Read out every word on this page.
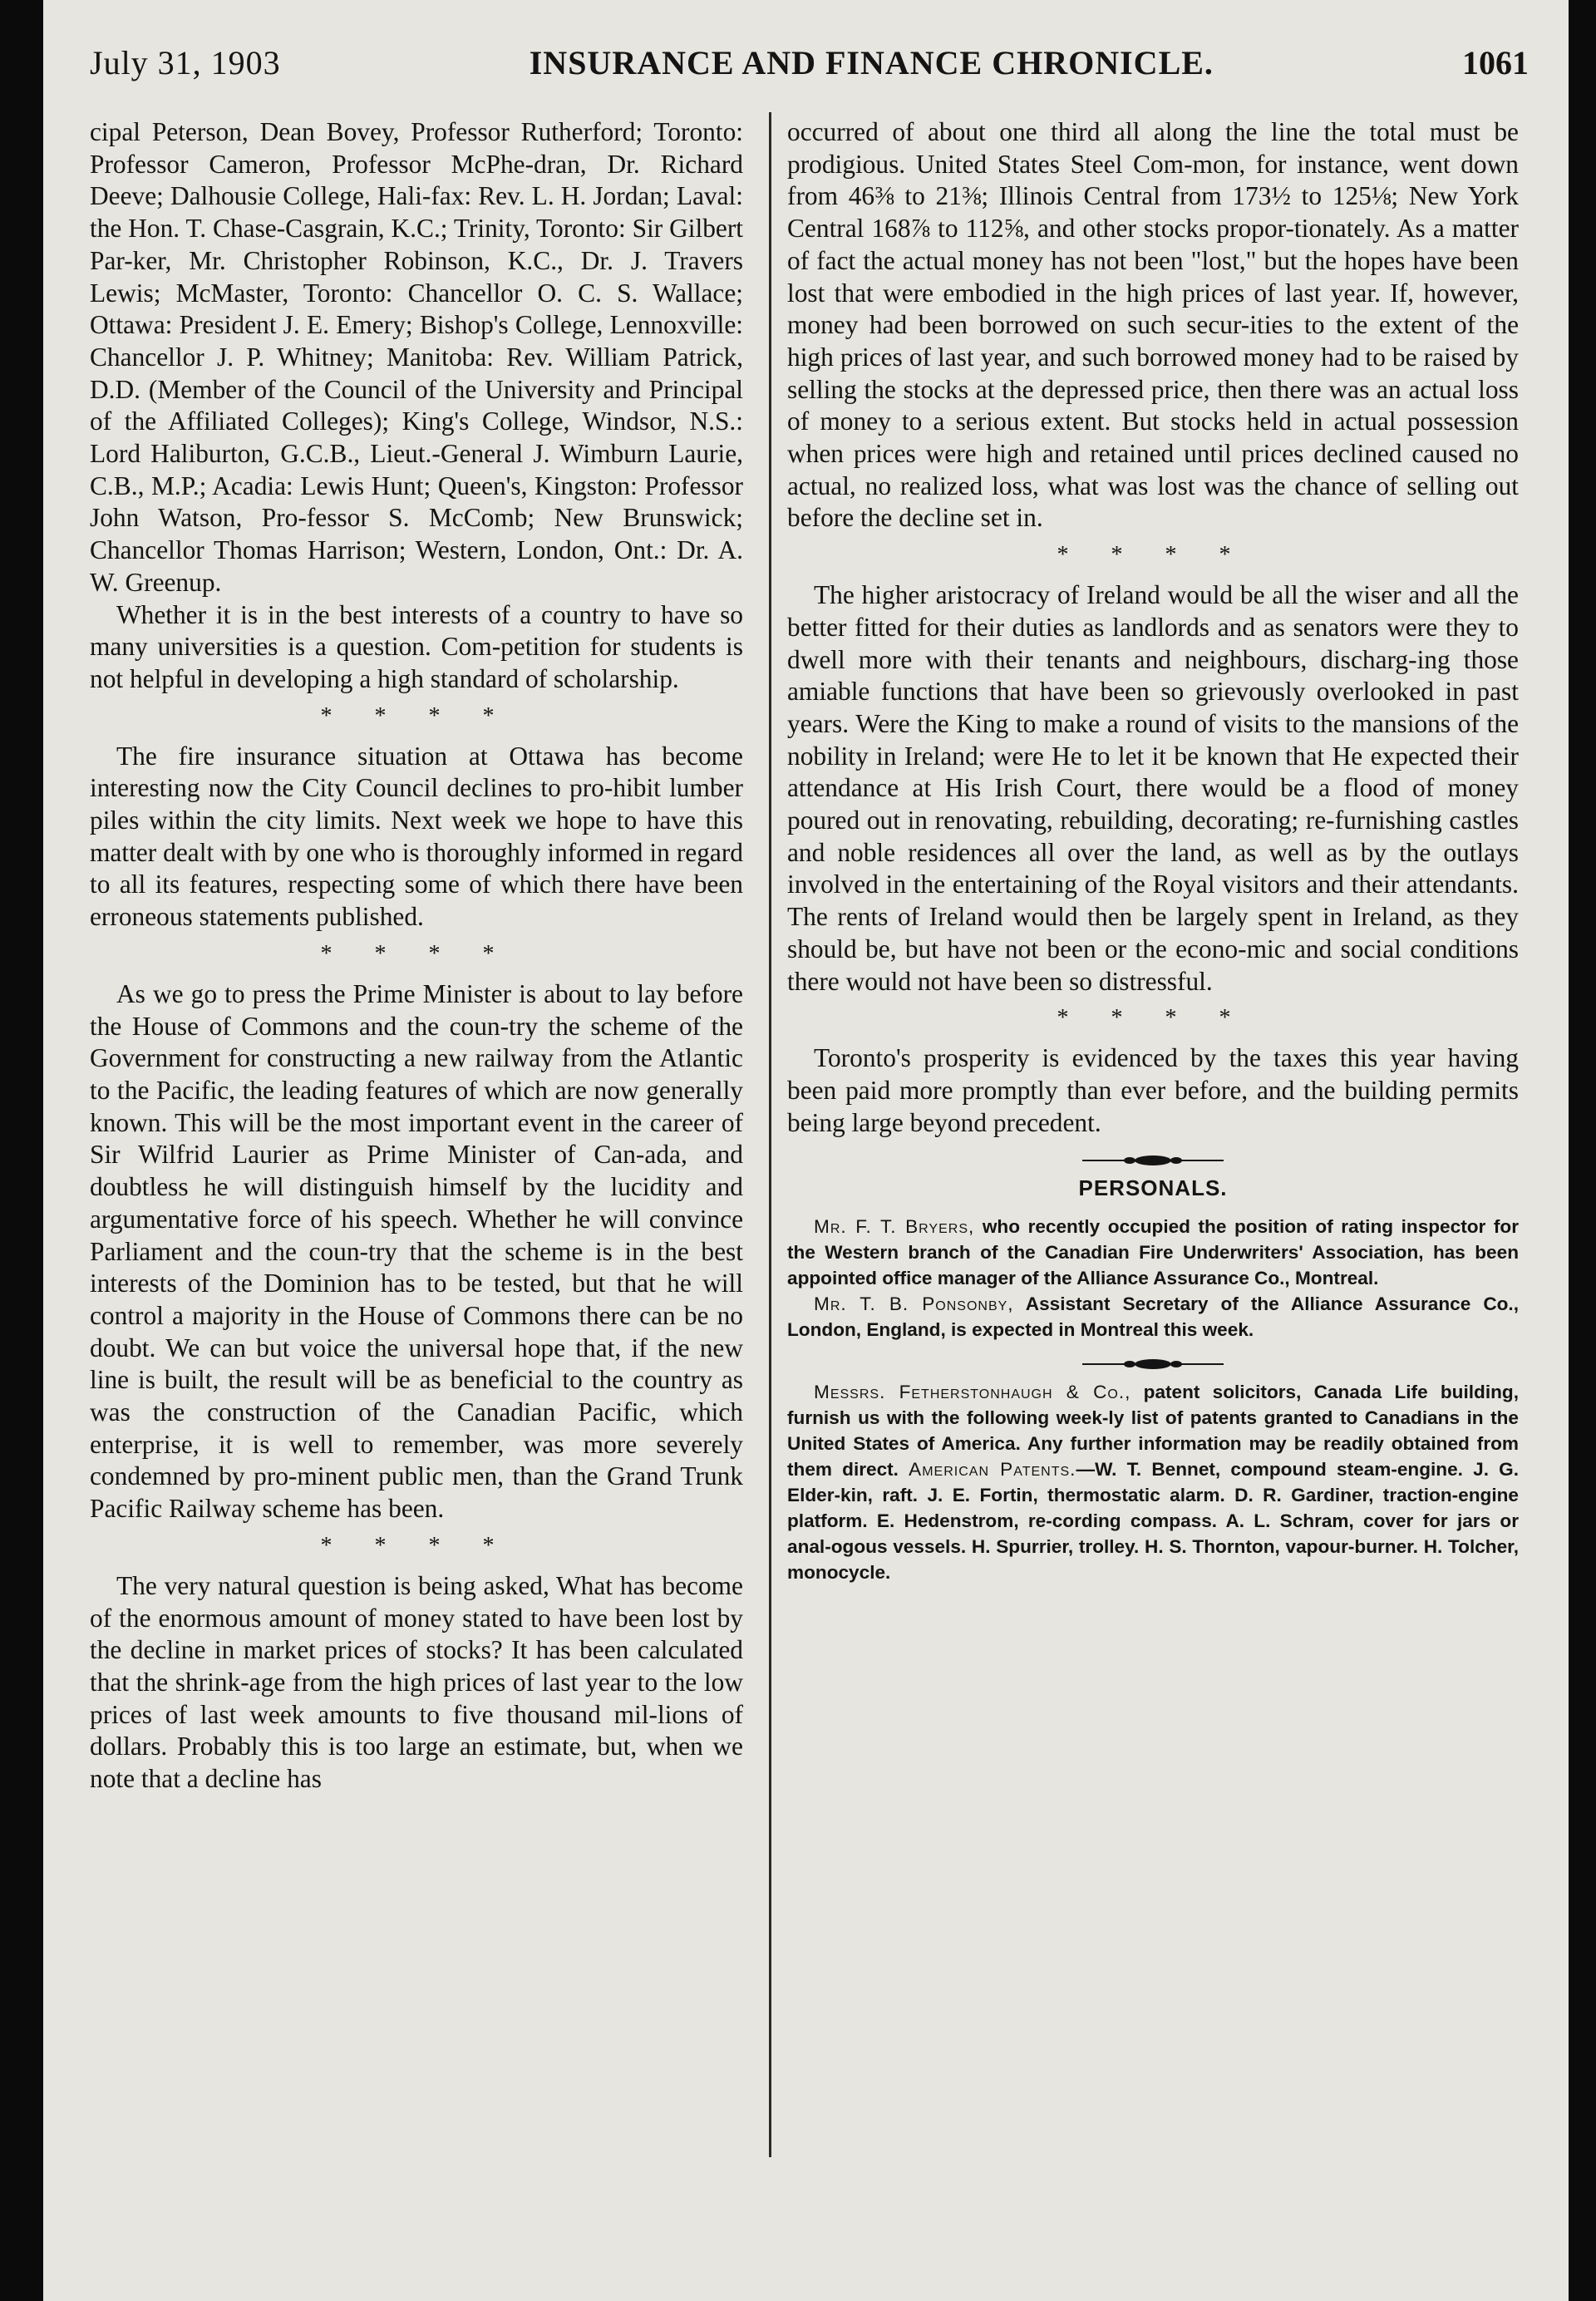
July 31, 1903	INSURANCE AND FINANCE CHRONICLE.	1061

cipal Peterson, Dean Bovey, Professor Rutherford; Toronto: Professor Cameron, Professor McPhe-dran, Dr. Richard Deeve; Dalhousie College, Hali-fax: Rev. L. H. Jordan; Laval: the Hon. T. Chase-Casgrain, K.C.; Trinity, Toronto: Sir Gilbert Par-ker, Mr. Christopher Robinson, K.C., Dr. J. Travers Lewis; McMaster, Toronto: Chancellor O. C. S. Wallace; Ottawa: President J. E. Emery; Bishop's College, Lennoxville: Chancellor J. P. Whitney; Manitoba: Rev. William Patrick, D.D. (Member of the Council of the University and Principal of the Affiliated Colleges); King's College, Windsor, N.S.: Lord Haliburton, G.C.B., Lieut.-General J. Wimburn Laurie, C.B., M.P.; Acadia: Lewis Hunt; Queen's, Kingston: Professor John Watson, Pro-fessor S. McComb; New Brunswick; Chancellor Thomas Harrison; Western, London, Ont.: Dr. A. W. Greenup.

Whether it is in the best interests of a country to have so many universities is a question. Com-petition for students is not helpful in developing a high standard of scholarship.

* * * *

The fire insurance situation at Ottawa has become interesting now the City Council declines to pro-hibit lumber piles within the city limits. Next week we hope to have this matter dealt with by one who is thoroughly informed in regard to all its features, respecting some of which there have been erroneous statements published.

* * * *

As we go to press the Prime Minister is about to lay before the House of Commons and the coun-try the scheme of the Government for constructing a new railway from the Atlantic to the Pacific, the leading features of which are now generally known. This will be the most important event in the career of Sir Wilfrid Laurier as Prime Minister of Can-ada, and doubtless he will distinguish himself by the lucidity and argumentative force of his speech. Whether he will convince Parliament and the coun-try that the scheme is in the best interests of the Dominion has to be tested, but that he will control a majority in the House of Commons there can be no doubt. We can but voice the universal hope that, if the new line is built, the result will be as beneficial to the country as was the construction of the Canadian Pacific, which enterprise, it is well to remember, was more severely condemned by pro-minent public men, than the Grand Trunk Pacific Railway scheme has been.

* * * *

The very natural question is being asked, What has become of the enormous amount of money stated to have been lost by the decline in market prices of stocks? It has been calculated that the shrink-age from the high prices of last year to the low prices of last week amounts to five thousand mil-lions of dollars. Probably this is too large an estimate, but, when we note that a decline has

occurred of about one third all along the line the total must be prodigious. United States Steel Com-mon, for instance, went down from 46⅜ to 21⅜; Illinois Central from 173½ to 125⅛; New York Central 168⅞ to 112⅝, and other stocks propor-tionately. As a matter of fact the actual money has not been "lost," but the hopes have been lost that were embodied in the high prices of last year. If, however, money had been borrowed on such secur-ities to the extent of the high prices of last year, and such borrowed money had to be raised by selling the stocks at the depressed price, then there was an actual loss of money to a serious extent. But stocks held in actual possession when prices were high and retained until prices declined caused no actual, no realized loss, what was lost was the chance of selling out before the decline set in.

* * * *

The higher aristocracy of Ireland would be all the wiser and all the better fitted for their duties as landlords and as senators were they to dwell more with their tenants and neighbours, discharg-ing those amiable functions that have been so grievously overlooked in past years. Were the King to make a round of visits to the mansions of the nobility in Ireland; were He to let it be known that He expected their attendance at His Irish Court, there would be a flood of money poured out in renovating, rebuilding, decorating; re-furnishing castles and noble residences all over the land, as well as by the outlays involved in the entertaining of the Royal visitors and their attendants. The rents of Ireland would then be largely spent in Ireland, as they should be, but have not been or the econo-mic and social conditions there would not have been so distressful.

* * * *

Toronto's prosperity is evidenced by the taxes this year having been paid more promptly than ever before, and the building permits being large beyond precedent.

PERSONALS.

Mr. F. T. Bryers, who recently occupied the position of rating inspector for the Western branch of the Canadian Fire Underwriters' Association, has been appointed office manager of the Alliance Assurance Co., Montreal.

Mr. T. B. Ponsonby, Assistant Secretary of the Alliance Assurance Co., London, England, is expected in Montreal this week.

Messrs. Fetherstonhaugh & Co., patent solicitors, Canada Life building, furnish us with the following week-ly list of patents granted to Canadians in the United States of America. Any further information may be readily obtained from them direct. American Patents.—W. T. Bennet, compound steam-engine. J. G. Elder-kin, raft. J. E. Fortin, thermostatic alarm. D. R. Gardiner, traction-engine platform. E. Hedenstrom, re-cording compass. A. L. Schram, cover for jars or anal-ogous vessels. H. Spurrier, trolley. H. S. Thornton, vapour-burner. H. Tolcher, monocycle.
